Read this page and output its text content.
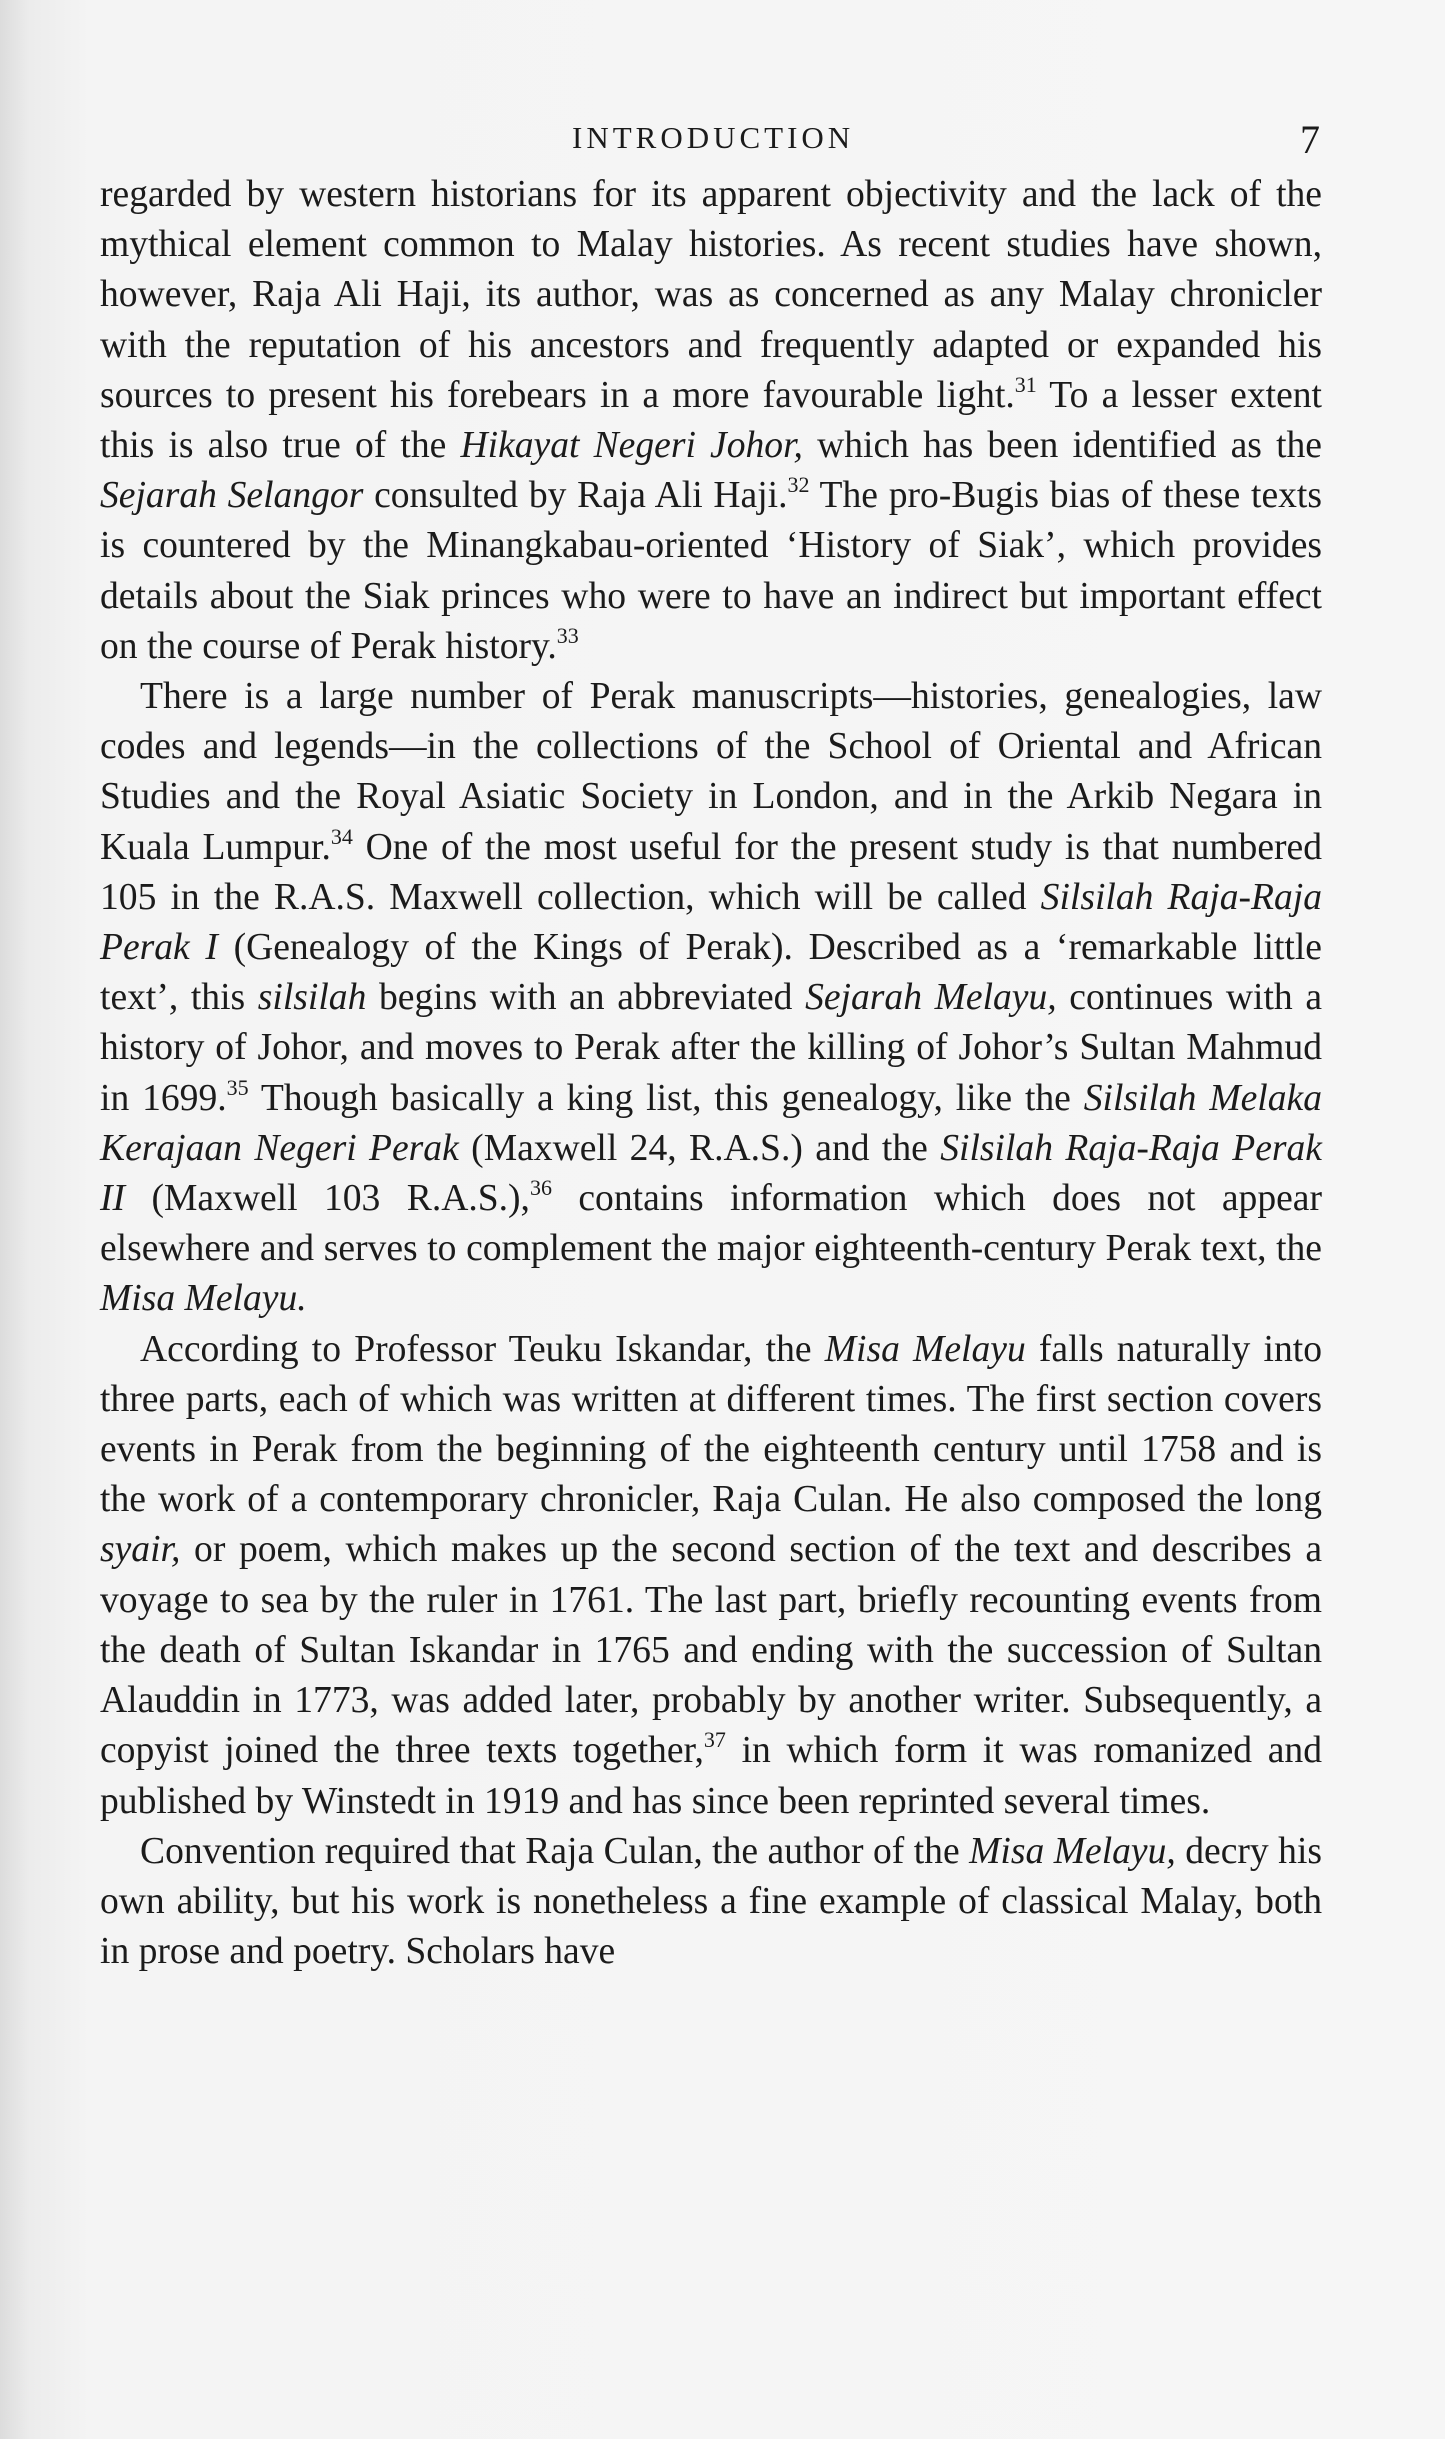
INTRODUCTION	7

regarded by western historians for its apparent objectivity and the lack of the mythical element common to Malay histories. As recent studies have shown, however, Raja Ali Haji, its author, was as concerned as any Malay chronicler with the reputation of his ancestors and frequently adapted or expanded his sources to present his forebears in a more favourable light.$^{31}$ To a lesser extent this is also true of the Hikayat Negeri Johor, which has been identified as the Sejarah Selangor consulted by Raja Ali Haji.$^{32}$ The pro-Bugis bias of these texts is countered by the Minangkabau-oriented ‘History of Siak’, which provides details about the Siak princes who were to have an indirect but important effect on the course of Perak history.$^{33}$

There is a large number of Perak manuscripts—histories, genealogies, law codes and legends—in the collections of the School of Oriental and African Studies and the Royal Asiatic Society in London, and in the Arkib Negara in Kuala Lumpur.$^{34}$ One of the most useful for the present study is that numbered 105 in the R.A.S. Maxwell collection, which will be called Silsilah Raja-Raja Perak I (Genealogy of the Kings of Perak). Described as a ‘remarkable little text’, this silsilah begins with an abbreviated Sejarah Melayu, continues with a history of Johor, and moves to Perak after the killing of Johor’s Sultan Mahmud in 1699.35 Though basically a king list, this genealogy, like the Silsilah Melaka Kerajaan Negeri Perak (Maxwell 24, R.A.S.) and the Silsilah Raja-Raja Perak II (Maxwell 103 R.A.S.),$^{36}$ contains information which does not appear elsewhere and serves to complement the major eighteenth-century Perak text, the Misa Melayu.

According to Professor Teuku Iskandar, the Misa Melayu falls naturally into three parts, each of which was written at different times. The first section covers events in Perak from the beginning of the eighteenth century until 1758 and is the work of a contemporary chronicler, Raja Culan. He also composed the long syair, or poem, which makes up the second section of the text and describes a voyage to sea by the ruler in 1761. The last part, briefly recounting events from the death of Sultan Iskandar in 1765 and ending with the succession of Sultan Alauddin in 1773, was added later, probably by another writer. Subsequently, a copyist joined the three texts together,$^{37}$ in which form it was romanized and published by Winstedt in 1919 and has since been reprinted several times.

Convention required that Raja Culan, the author of the Misa Melayu, decry his own ability, but his work is nonetheless a fine example of classical Malay, both in prose and poetry. Scholars have
